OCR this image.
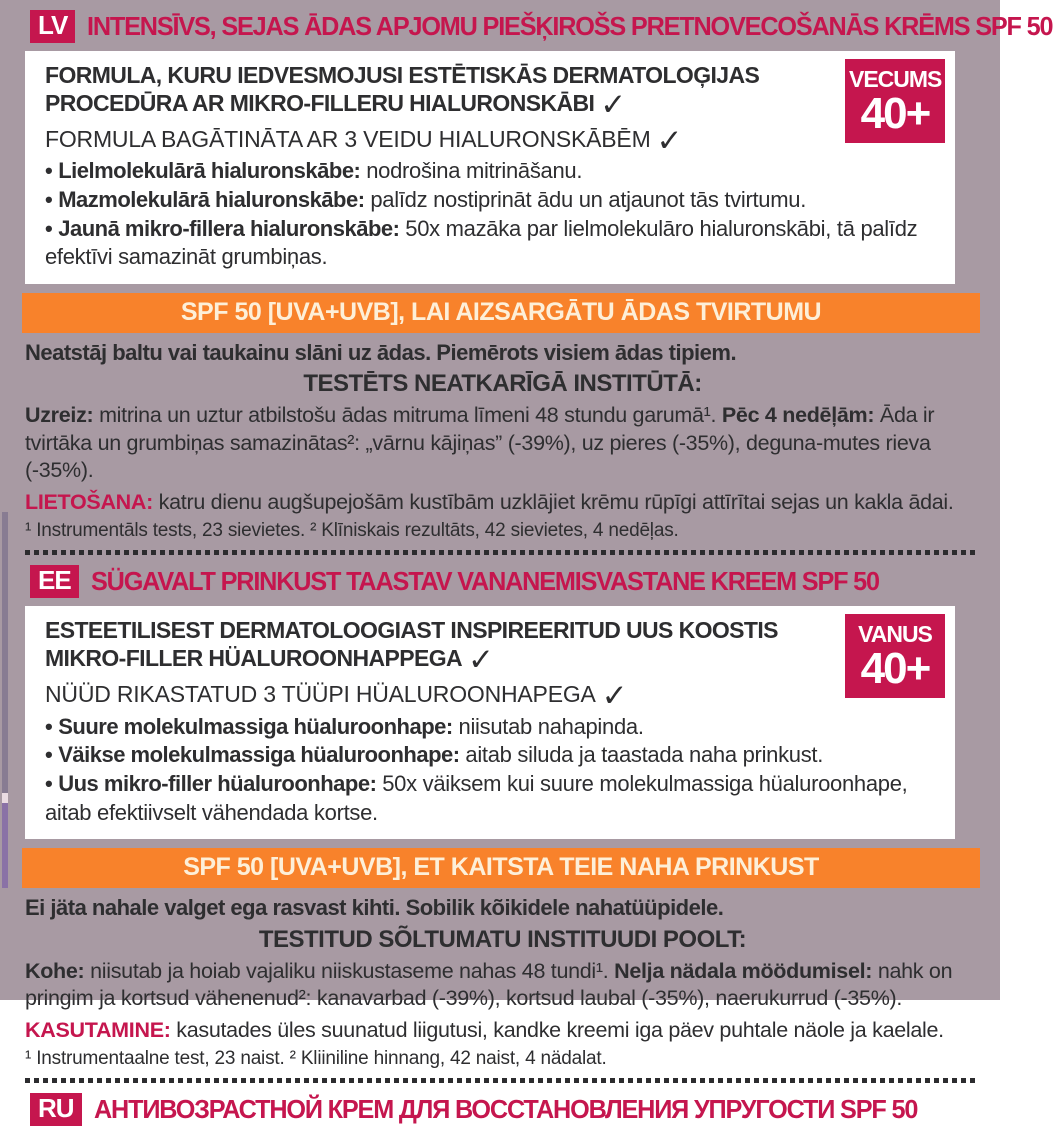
LV INTENSĪVS, SEJAS ĀDAS APJOMU PIEŠĶIROŠS PRETNOVECOŠANĀS KRĒMS SPF 50
FORMULA, KURU IEDVESMOJUSI ESTĒTISKĀS DERMATOLOĢIJAS PROCEDŪRA AR MIKRO-FILLERU HIALURONSKĀBI ✓
FORMULA BAGĀTINĀTA AR 3 VEIDU HIALURONSKĀBĒM ✓
• Lielmolekulārā hialuronskābe: nodrošina mitrināšanu.
• Mazmolekulārā hialuronskābe: palīdz nostiprināt ādu un atjaunot tās tvirtumu.
• Jaunā mikro-fillera hialuronskābe: 50x mazāka par lielmolekulāro hialuronskābi, tā palīdz efektīvi samazināt grumbiņas.
VECUMS
40+
SPF 50 [UVA+UVB], LAI AIZSARGĀTU ĀDAS TVIRTUMU
Neatstāj baltu vai taukainu slāni uz ādas. Piemērots visiem ādas tipiem.
TESTĒTS NEATKARĪGĀ INSTITŪTĀ:
Uzreiz: mitrina un uztur atbilstošu ādas mitruma līmeni 48 stundu garumā¹. Pēc 4 nedēļām: Āda ir tvirtāka un grumbiņas samazinātas²: „vārnu kājiņas” (-39%), uz pieres (-35%), deguna-mutes rieva (-35%).
LIETOŠANA: katru dienu augšupejošām kustībām uzklājiet krēmu rūpīgi attīrītai sejas un kakla ādai.
¹ Instrumentāls tests, 23 sievietes. ² Klīniskais rezultāts, 42 sievietes, 4 nedēļas.
EE SÜGAVALT PRINKUST TAASTAV VANANEMISVASTANE KREEM SPF 50
ESTEETILISEST DERMATOLOOGIAST INSPIREERITUD UUS KOOSTIS MIKRO-FILLER HÜALUROONHAPPEGA ✓
NÜÜD RIKASTATUD 3 TÜÜPI HÜALUROONHAPEGA ✓
• Suure molekulmassiga hüaluroonhape: niisutab nahapinda.
• Väikse molekulmassiga hüaluroonhape: aitab siluda ja taastada naha prinkust.
• Uus mikro-filler hüaluroonhape: 50x väiksem kui suure molekulmassiga hüaluroonhape, aitab efektiivselt vähendada kortse.
VANUS
40+
SPF 50 [UVA+UVB], ET KAITSTA TEIE NAHA PRINKUST
Ei jäta nahale valget ega rasvast kihti. Sobilik kõikidele nahatüüpidele.
TESTITUD SÕLTUMATU INSTITUUDI POOLT:
Kohe: niisutab ja hoiab vajaliku niiskustaseme nahas 48 tundi¹. Nelja nädala möödumisel: nahk on pringim ja kortsud vähenenud²: kanavarbad (-39%), kortsud laubal (-35%), naerukurrud (-35%).
KASUTAMINE: kasutades üles suunatud liigutusi, kandke kreemi iga päev puhtale näole ja kaelale.
¹ Instrumentaalne test, 23 naist. ² Kliiniline hinnang, 42 naist, 4 nädalat.
RU АНТИВОЗРАСТНОЙ КРЕМ ДЛЯ ВОССТАНОВЛЕНИЯ УПРУГОСТИ SPF 50
